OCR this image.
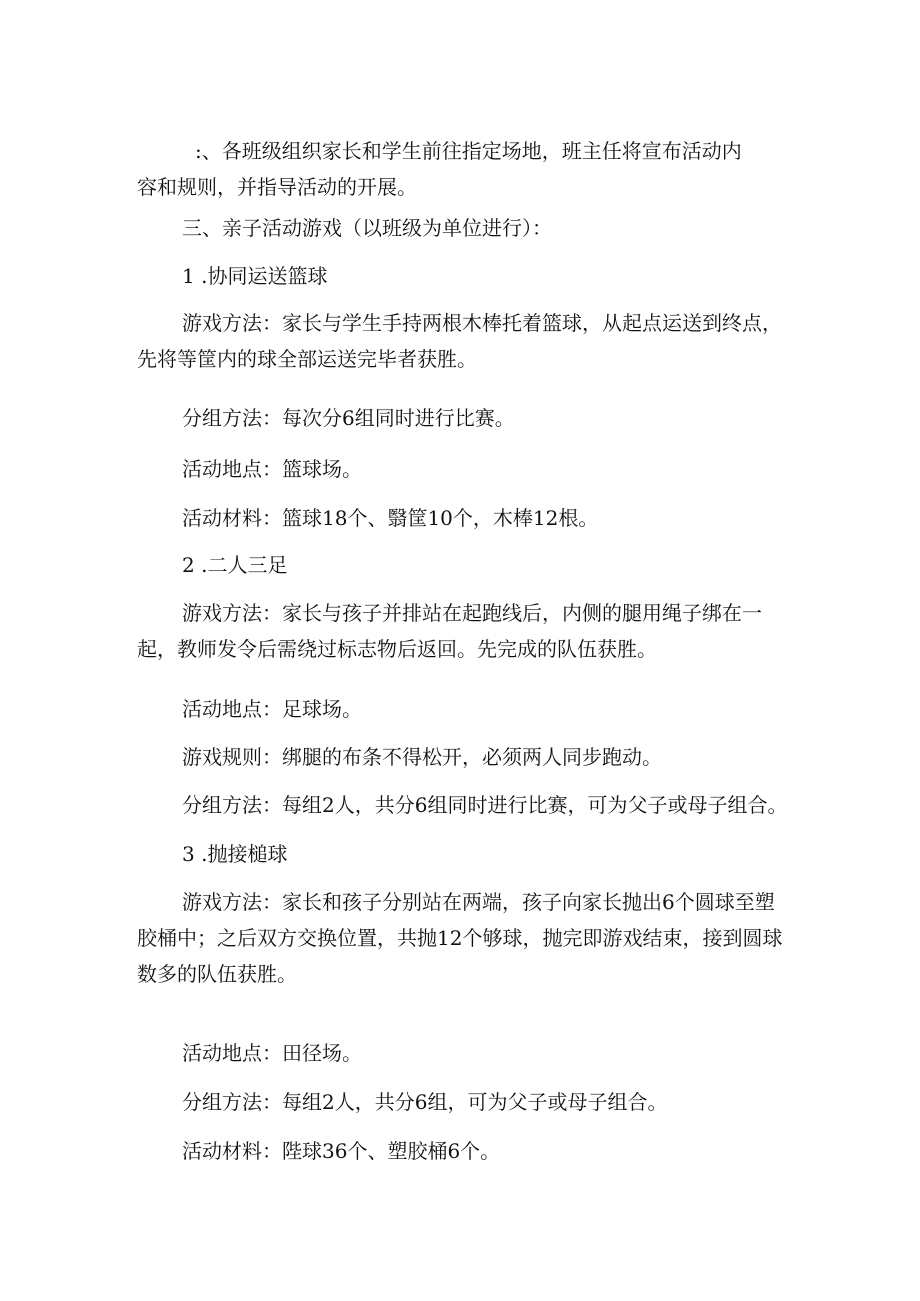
:、各班级组织家长和学生前往指定场地，班主任将宣布活动内容和规则，并指导活动的开展。

三、亲子活动游戏（以班级为单位进行）：

1 .协同运送篮球

游戏方法：家长与学生手持两根木棒托着篮球，从起点运送到终点，先将等筐内的球全部运送完毕者获胜。

分组方法：每次分6组同时进行比赛。

活动地点：篮球场。

活动材料：篮球18个、翳筐10个，木棒12根。

2 .二人三足

游戏方法：家长与孩子并排站在起跑线后，内侧的腿用绳子绑在一起，教师发令后需绕过标志物后返回。先完成的队伍获胜。

活动地点：足球场。

游戏规则：绑腿的布条不得松开，必须两人同步跑动。

分组方法：每组2人，共分6组同时进行比赛，可为父子或母子组合。

3 .抛接槌球

游戏方法：家长和孩子分别站在两端，孩子向家长抛出6个圆球至塑胶桶中；之后双方交换位置，共抛12个够球，抛完即游戏结束，接到圆球数多的队伍获胜。

活动地点：田径场。

分组方法：每组2人，共分6组，可为父子或母子组合。

活动材料：陛球36个、塑胶桶6个。
